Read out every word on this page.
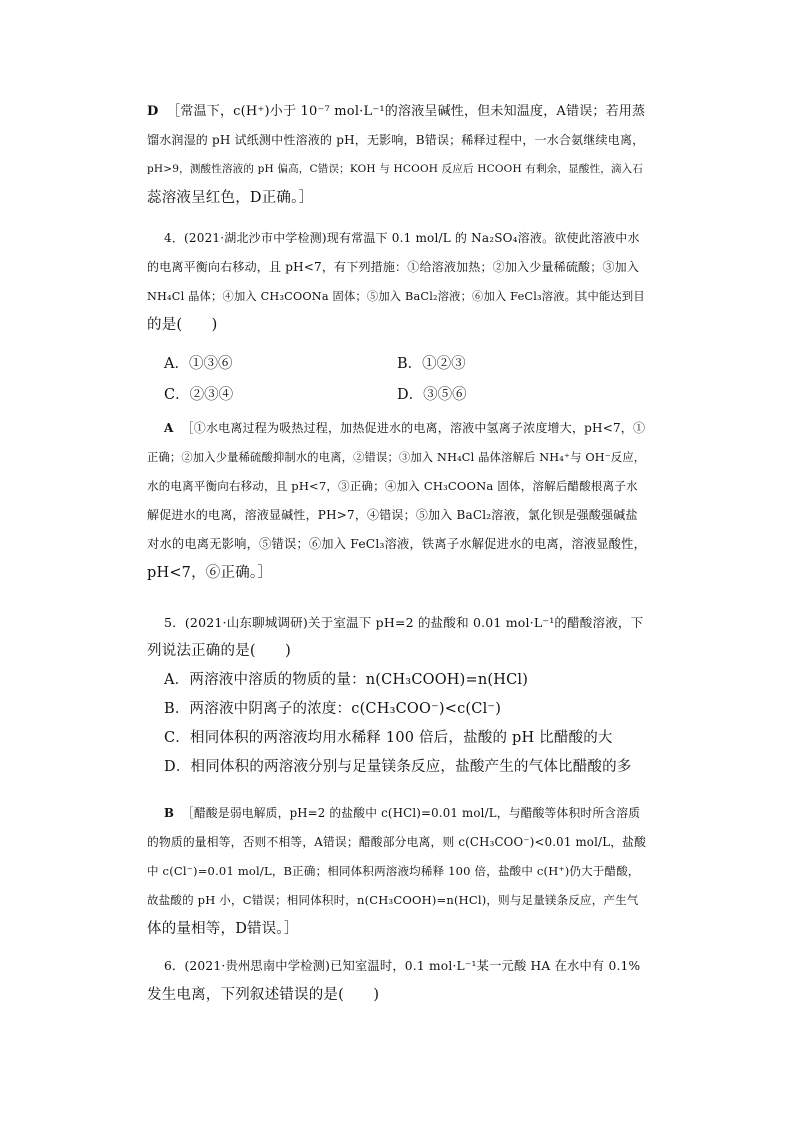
D ［常温下，c(H⁺)小于 10⁻⁷ mol·L⁻¹的溶液呈碱性，但未知温度，A错误；若用蒸
馏水润湿的 pH 试纸测中性溶液的 pH，无影响，B错误；稀释过程中，一水合氨继续电离，
pH>9，测酸性溶液的 pH 偏高，C错误；KOH 与 HCOOH 反应后 HCOOH 有剩余，显酸性，滴入石
蕊溶液呈红色，D正确。］
4．(2021·湖北沙市中学检测)现有常温下 0.1 mol/L 的 Na₂SO₄溶液。欲使此溶液中水
的电离平衡向右移动，且 pH<7，有下列措施：①给溶液加热；②加入少量稀硫酸；③加入
NH₄Cl 晶体；④加入 CH₃COONa 固体；⑤加入 BaCl₂溶液；⑥加入 FeCl₃溶液。其中能达到目
的是(　　)
A．①③⑥	B．①②③
C．②③④	D．③⑤⑥
A ［①水电离过程为吸热过程，加热促进水的电离，溶液中氢离子浓度增大，pH<7，①
正确；②加入少量稀硫酸抑制水的电离，②错误；③加入 NH₄Cl 晶体溶解后 NH₄⁺与 OH⁻反应，
水的电离平衡向右移动，且 pH<7，③正确；④加入 CH₃COONa 固体，溶解后醋酸根离子水
解促进水的电离，溶液显碱性，PH>7，④错误；⑤加入 BaCl₂溶液，氯化钡是强酸强碱盐
对水的电离无影响，⑤错误；⑥加入 FeCl₃溶液，铁离子水解促进水的电离，溶液显酸性，
pH<7，⑥正确。］
5．(2021·山东聊城调研)关于室温下 pH=2 的盐酸和 0.01 mol·L⁻¹的醋酸溶液，下
列说法正确的是(　　)
A．两溶液中溶质的物质的量：n(CH₃COOH)=n(HCl)
B．两溶液中阴离子的浓度：c(CH₃COO⁻)<c(Cl⁻)
C．相同体积的两溶液均用水稀释 100 倍后，盐酸的 pH 比醋酸的大
D．相同体积的两溶液分别与足量镁条反应，盐酸产生的气体比醋酸的多
B ［醋酸是弱电解质，pH=2 的盐酸中 c(HCl)=0.01 mol/L，与醋酸等体积时所含溶质
的物质的量相等，否则不相等，A错误；醋酸部分电离，则 c(CH₃COO⁻)<0.01 mol/L，盐酸
中 c(Cl⁻)=0.01 mol/L，B正确；相同体积两溶液均稀释 100 倍，盐酸中 c(H⁺)仍大于醋酸，
故盐酸的 pH 小，C错误；相同体积时，n(CH₃COOH)=n(HCl)，则与足量镁条反应，产生气
体的量相等，D错误。］
6．(2021·贵州思南中学检测)已知室温时，0.1 mol·L⁻¹某一元酸 HA 在水中有 0.1%
发生电离，下列叙述错误的是(　　)
